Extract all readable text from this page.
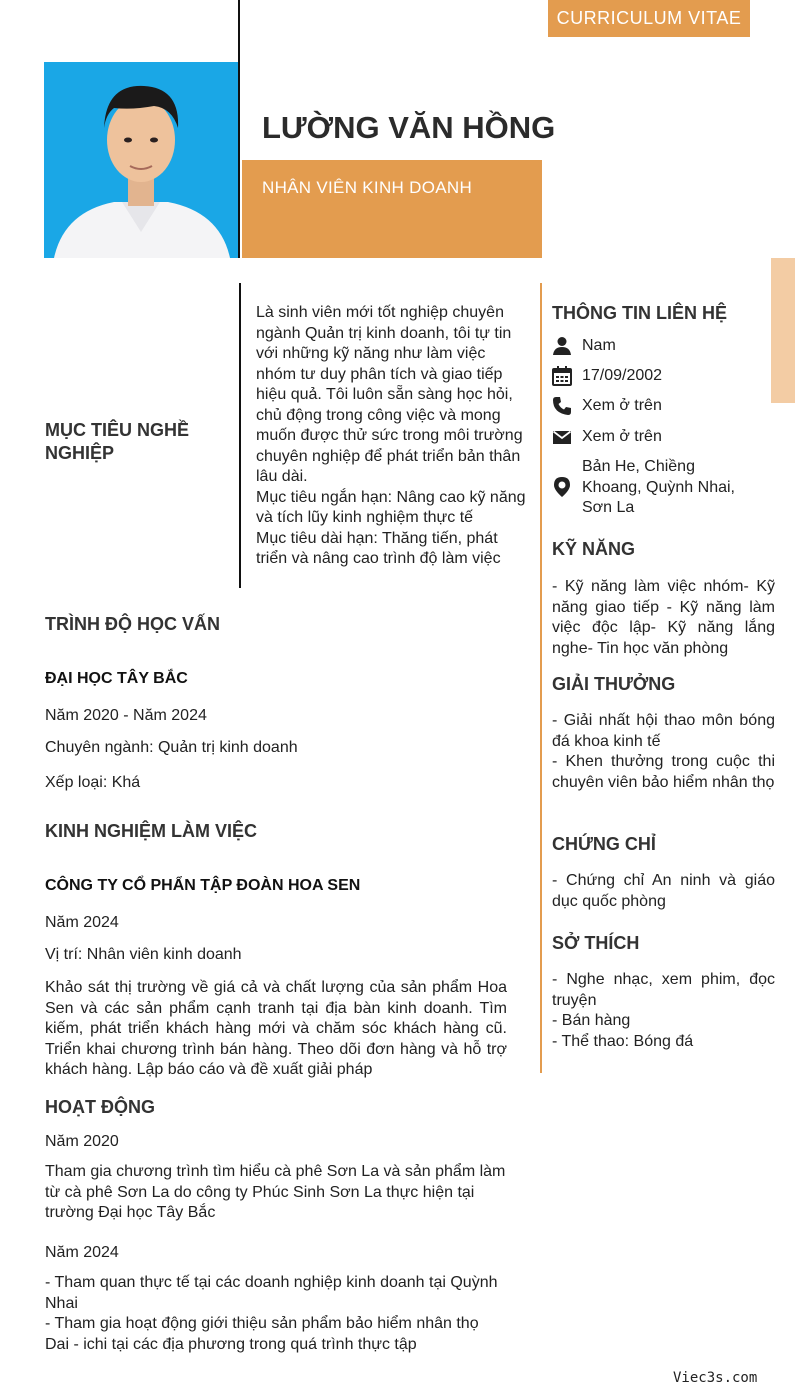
CURRICULUM VITAE
LƯỜNG VĂN HỒNG
NHÂN VIÊN KINH DOANH
MỤC TIÊU NGHỀ NGHIỆP

Là sinh viên mới tốt nghiệp chuyên ngành Quản trị kinh doanh, tôi tự tin với những kỹ năng như làm việc nhóm tư duy phân tích và giao tiếp hiệu quả. Tôi luôn sẵn sàng học hỏi, chủ động trong công việc và mong muốn được thử sức trong môi trường chuyên nghiệp để phát triển bản thân lâu dài.

Mục tiêu ngắn hạn: Nâng cao kỹ năng và tích lũy kinh nghiệm thực tế

Mục tiêu dài hạn: Thăng tiến, phát triển và nâng cao trình độ làm việc

THÔNG TIN LIÊN HỆ
Nam
17/09/2002
Xem ở trên
Xem ở trên
Bản He, Chiềng Khoang, Quỳnh Nhai, Sơn La
KỸ NĂNG
- Kỹ năng làm việc nhóm- Kỹ năng giao tiếp - Kỹ năng làm việc độc lập- Kỹ năng lắng nghe- Tin học văn phòng
GIẢI THƯỞNG

- Giải nhất hội thao môn bóng đá khoa kinh tế

- Khen thưởng trong cuộc thi chuyên viên bảo hiểm nhân thọ

CHỨNG CHỈ

- Chứng chỉ An ninh và giáo dục quốc phòng

SỞ THÍCH

- Nghe nhạc, xem phim, đọc truyện

- Bán hàng

- Thể thao: Bóng đá

TRÌNH ĐỘ HỌC VẤN
ĐẠI HỌC TÂY BẮC
Năm 2020 - Năm 2024
Chuyên ngành: Quản trị kinh doanh
Xếp loại: Khá
KINH NGHIỆM LÀM VIỆC
CÔNG TY CỔ PHẨN TẬP ĐOÀN HOA SEN
Năm 2024
Vị trí: Nhân viên kinh doanh
Khảo sát thị trường về giá cả và chất lượng của sản phẩm Hoa Sen và các sản phẩm cạnh tranh tại địa bàn kinh doanh. Tìm kiếm, phát triển khách hàng mới và chăm sóc khách hàng cũ. Triển khai chương trình bán hàng. Theo dõi đơn hàng và hỗ trợ khách hàng. Lập báo cáo và đề xuất giải pháp
HOẠT ĐỘNG
Năm 2020
Tham gia chương trình tìm hiểu cà phê Sơn La và sản phẩm làm từ cà phê Sơn La do công ty Phúc Sinh Sơn La thực hiện tại trường Đại học Tây Bắc
Năm 2024

- Tham quan thực tế tại các doanh nghiệp kinh doanh tại Quỳnh Nhai

- Tham gia hoạt động giới thiệu sản phẩm bảo hiểm nhân thọ Dai - ichi tại các địa phương trong quá trình thực tập

Viec3s.com
